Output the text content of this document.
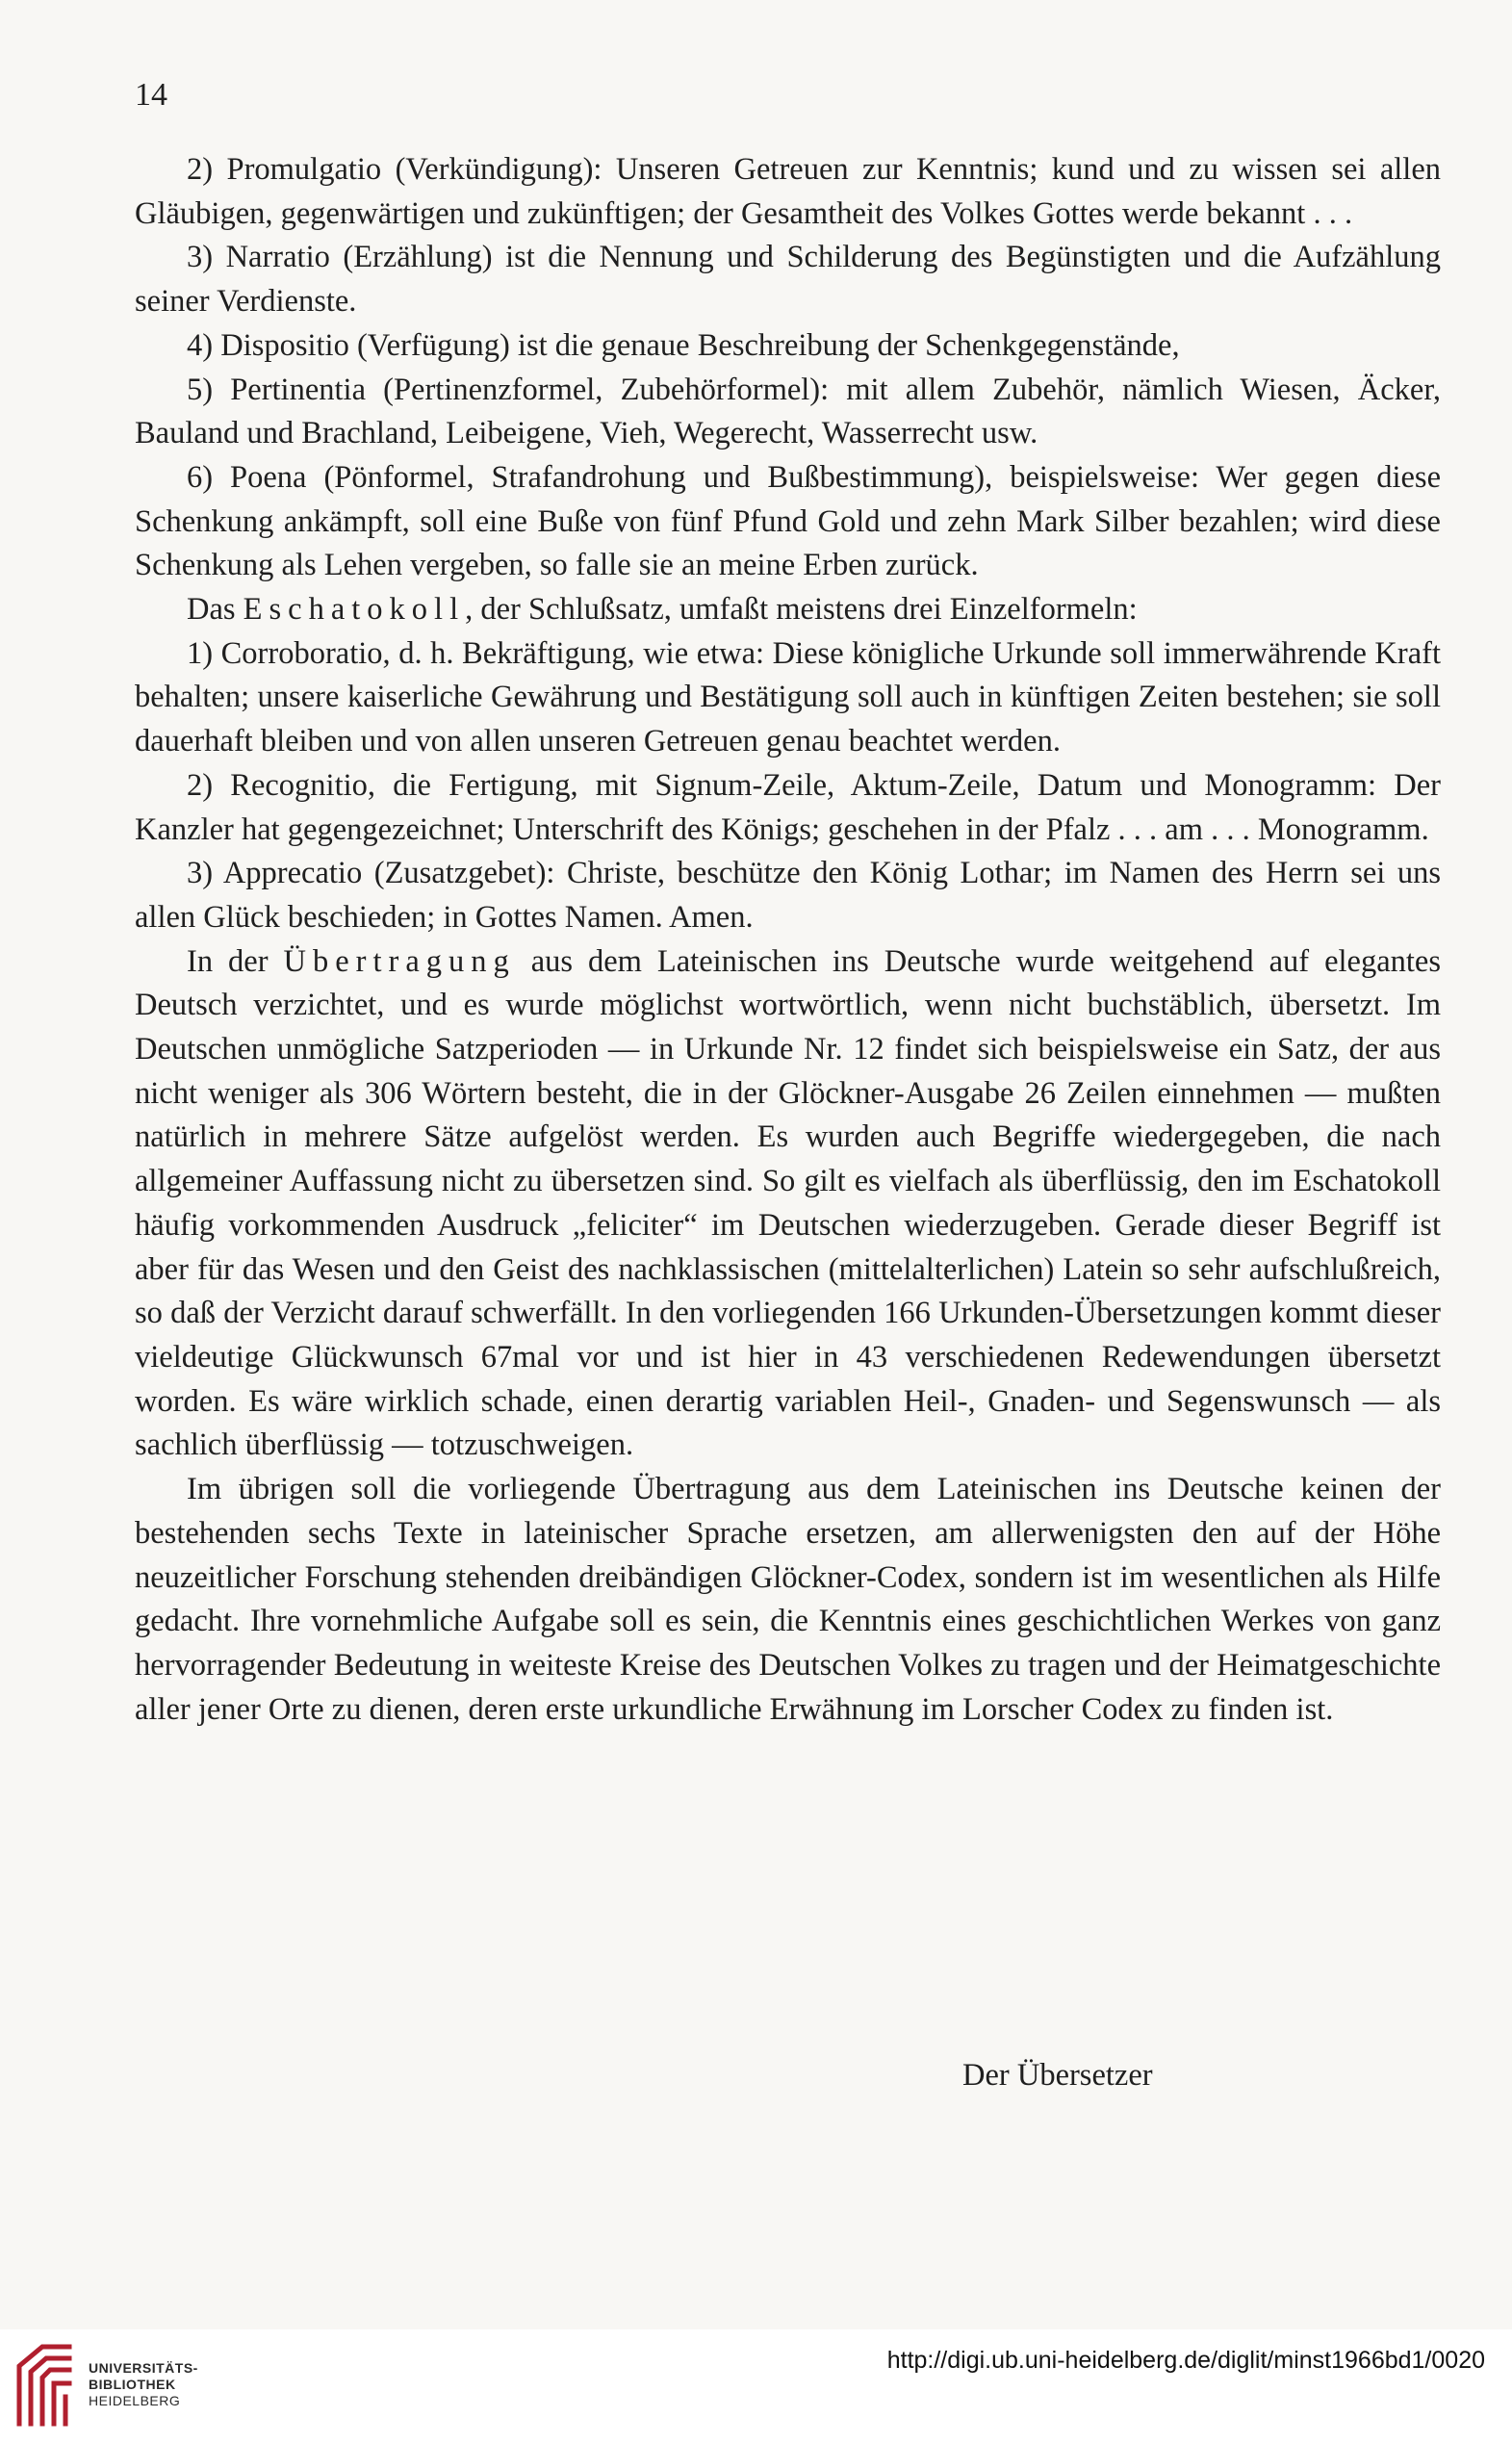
14

2) Promulgatio (Verkündigung): Unseren Getreuen zur Kenntnis; kund und zu wissen sei allen Gläubigen, gegenwärtigen und zukünftigen; der Gesamtheit des Volkes Gottes werde bekannt . . .

3) Narratio (Erzählung) ist die Nennung und Schilderung des Begünstigten und die Aufzählung seiner Verdienste.

4) Dispositio (Verfügung) ist die genaue Beschreibung der Schenkgegenstände,

5) Pertinentia (Pertinenzformel, Zubehörformel): mit allem Zubehör, nämlich Wiesen, Äcker, Bauland und Brachland, Leibeigene, Vieh, Wegerecht, Wasserrecht usw.

6) Poena (Pönformel, Strafandrohung und Bußbestimmung), beispielsweise: Wer gegen diese Schenkung ankämpft, soll eine Buße von fünf Pfund Gold und zehn Mark Silber bezahlen; wird diese Schenkung als Lehen vergeben, so falle sie an meine Erben zurück.

Das Eschatokoll, der Schlußsatz, umfaßt meistens drei Einzelformeln:

1) Corroboratio, d. h. Bekräftigung, wie etwa: Diese königliche Urkunde soll immerwährende Kraft behalten; unsere kaiserliche Gewährung und Bestätigung soll auch in künftigen Zeiten bestehen; sie soll dauerhaft bleiben und von allen unseren Getreuen genau beachtet werden.

2) Recognitio, die Fertigung, mit Signum-Zeile, Aktum-Zeile, Datum und Monogramm: Der Kanzler hat gegengezeichnet; Unterschrift des Königs; geschehen in der Pfalz . . . am . . . Monogramm.

3) Apprecatio (Zusatzgebet): Christe, beschütze den König Lothar; im Namen des Herrn sei uns allen Glück beschieden; in Gottes Namen. Amen.

In der Übertragung aus dem Lateinischen ins Deutsche wurde weitgehend auf elegantes Deutsch verzichtet, und es wurde möglichst wortwörtlich, wenn nicht buchstäblich, übersetzt. Im Deutschen unmögliche Satzperioden — in Urkunde Nr. 12 findet sich beispielsweise ein Satz, der aus nicht weniger als 306 Wörtern besteht, die in der Glöckner-Ausgabe 26 Zeilen einnehmen — mußten natürlich in mehrere Sätze aufgelöst werden. Es wurden auch Begriffe wiedergegeben, die nach allgemeiner Auffassung nicht zu übersetzen sind. So gilt es vielfach als überflüssig, den im Eschatokoll häufig vorkommenden Ausdruck „feliciter“ im Deutschen wiederzugeben. Gerade dieser Begriff ist aber für das Wesen und den Geist des nachklassischen (mittelalterlichen) Latein so sehr aufschlußreich, so daß der Verzicht darauf schwerfällt. In den vorliegenden 166 Urkunden-Übersetzungen kommt dieser vieldeutige Glückwunsch 67mal vor und ist hier in 43 verschiedenen Redewendungen übersetzt worden. Es wäre wirklich schade, einen derartig variablen Heil-, Gnaden- und Segenswunsch — als sachlich überflüssig — totzuschweigen.

Im übrigen soll die vorliegende Übertragung aus dem Lateinischen ins Deutsche keinen der bestehenden sechs Texte in lateinischer Sprache ersetzen, am allerwenigsten den auf der Höhe neuzeitlicher Forschung stehenden dreibändigen Glöckner-Codex, sondern ist im wesentlichen als Hilfe gedacht. Ihre vornehmliche Aufgabe soll es sein, die Kenntnis eines geschichtlichen Werkes von ganz hervorragender Bedeutung in weiteste Kreise des Deutschen Volkes zu tragen und der Heimatgeschichte aller jener Orte zu dienen, deren erste urkundliche Erwähnung im Lorscher Codex zu finden ist.

Der Übersetzer
UNIVERSITÄTS-
BIBLIOTHEK
HEIDELBERG
http://digi.ub.uni-heidelberg.de/diglit/minst1966bd1/0020
